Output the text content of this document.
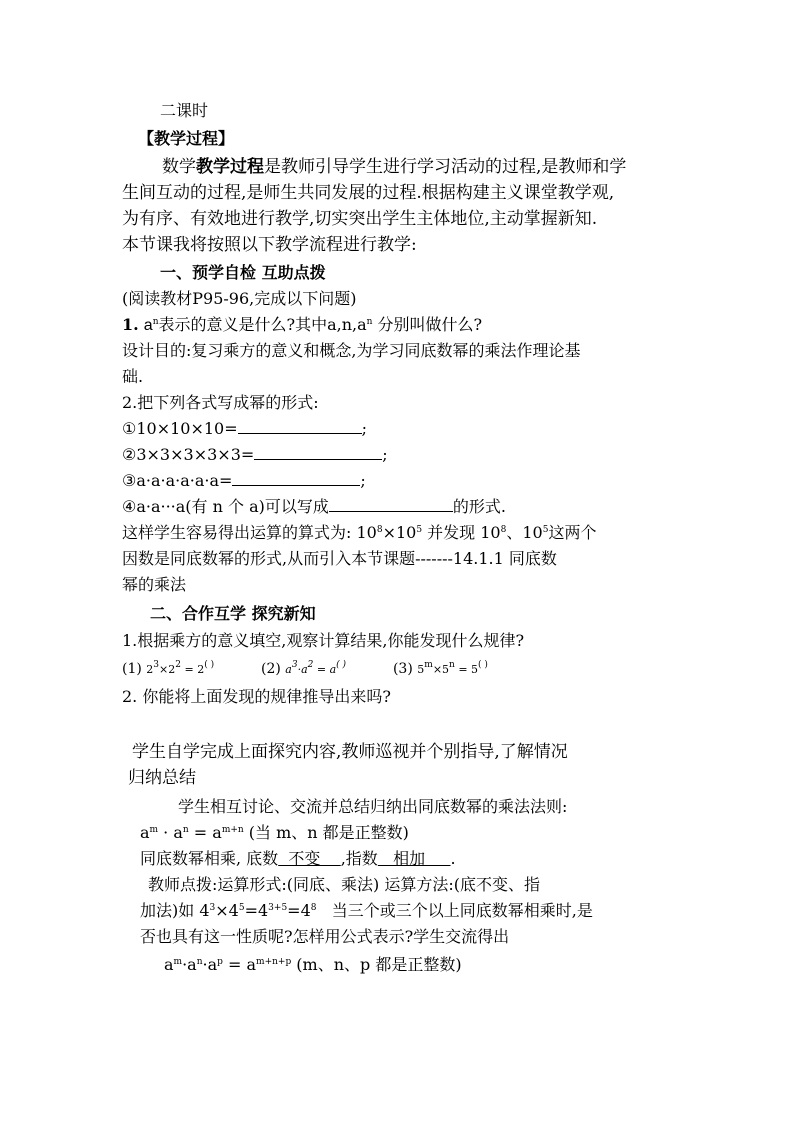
二课时
【教学过程】
数学教学过程是教师引导学生进行学习活动的过程,是教师和学
生间互动的过程,是师生共同发展的过程.根据构建主义课堂教学观,
为有序、有效地进行教学,切实突出学生主体地位,主动掌握新知.
本节课我将按照以下教学流程进行教学:
一、预学自检 互助点拨
(阅读教材P95-96,完成以下问题)
1. $a^n$表示的意义是什么?其中$a,n,a^n$ 分别叫做什么?
设计目的:复习乘方的意义和概念,为学习同底数幂的乘法作理论基
础.
2.把下列各式写成幂的形式:
①10×10×10=	;
②3×3×3×3×3=	;
③a·a·a·a·a·a=	;
④a·a···a(有 n 个 a)可以写成	的形式.
这样学生容易得出运算的算式为: $10^8\times 10^5$ 并发现 $10^8$、$10^5$这两个
因数是同底数幂的形式,从而引入本节课题-------14.1.1 同底数
幂的乘法
二、合作互学 探究新知
1.根据乘方的意义填空,观察计算结果,你能发现什么规律?
(1) $2^3\times 2^2 = 2^{( )}$	(2) $a^3\cdot a^2 = a^{( )}$	(3) $5^m\times 5^n = 5^{( )}$
2. 你能将上面发现的规律推导出来吗?
学生自学完成上面探究内容,教师巡视并个别指导,了解情况
归纳总结
学生相互讨论、交流并总结归纳出同底数幂的乘法法则:
$a^m \cdot a^n = a^{m+n}$ (当 m、n 都是正整数)
同底数幂相乘, 底数  不变    ,指数   相加     .
教师点拨:运算形式:(同底、乘法) 运算方法:(底不变、指
加法)如 $4^3\times 4^5=4^{3+5}=4^8$   当三个或三个以上同底数幂相乘时,是
否也具有这一性质呢?怎样用公式表示?学生交流得出
$a^m\cdot a^n\cdot a^p = a^{m+n+p}$ (m、n、p 都是正整数)
